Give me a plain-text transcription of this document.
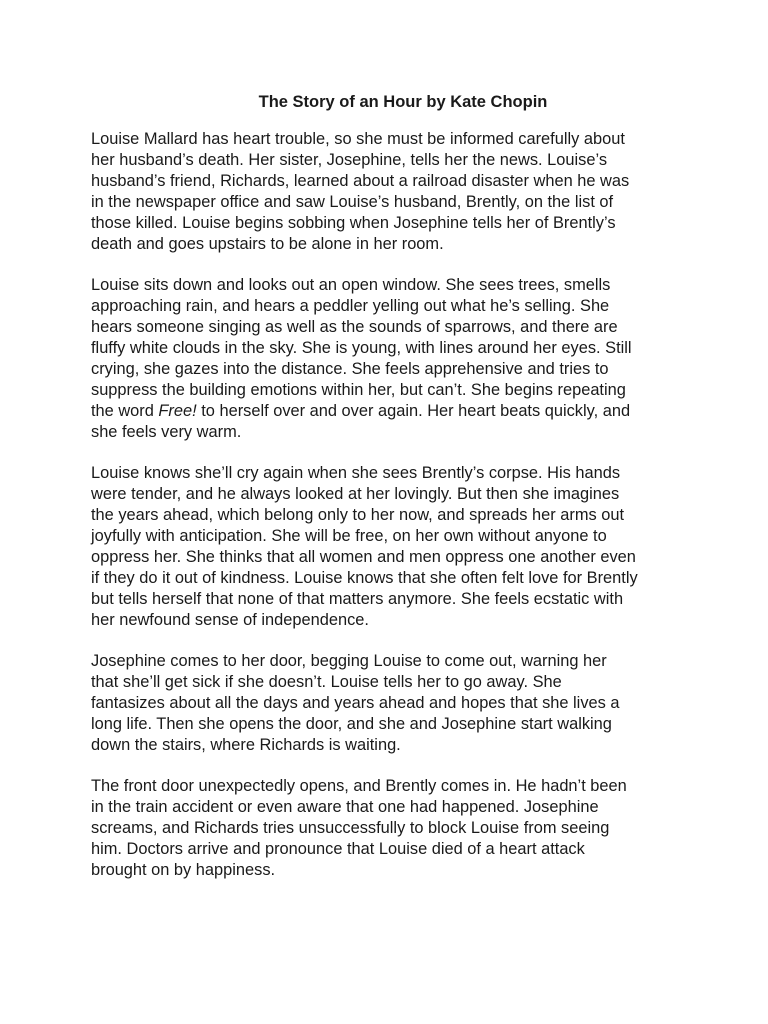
The Story of an Hour by Kate Chopin
Louise Mallard has heart trouble, so she must be informed carefully about
her husband’s death. Her sister, Josephine, tells her the news. Louise’s
husband’s friend, Richards, learned about a railroad disaster when he was
in the newspaper office and saw Louise’s husband, Brently, on the list of
those killed. Louise begins sobbing when Josephine tells her of Brently’s
death and goes upstairs to be alone in her room.
Louise sits down and looks out an open window. She sees trees, smells
approaching rain, and hears a peddler yelling out what he’s selling. She
hears someone singing as well as the sounds of sparrows, and there are
fluffy white clouds in the sky. She is young, with lines around her eyes. Still
crying, she gazes into the distance. She feels apprehensive and tries to
suppress the building emotions within her, but can’t. She begins repeating
the word Free! to herself over and over again. Her heart beats quickly, and
she feels very warm.
Louise knows she’ll cry again when she sees Brently’s corpse. His hands
were tender, and he always looked at her lovingly. But then she imagines
the years ahead, which belong only to her now, and spreads her arms out
joyfully with anticipation. She will be free, on her own without anyone to
oppress her. She thinks that all women and men oppress one another even
if they do it out of kindness. Louise knows that she often felt love for Brently
but tells herself that none of that matters anymore. She feels ecstatic with
her newfound sense of independence.
Josephine comes to her door, begging Louise to come out, warning her
that she’ll get sick if she doesn’t. Louise tells her to go away. She
fantasizes about all the days and years ahead and hopes that she lives a
long life. Then she opens the door, and she and Josephine start walking
down the stairs, where Richards is waiting.
The front door unexpectedly opens, and Brently comes in. He hadn’t been
in the train accident or even aware that one had happened. Josephine
screams, and Richards tries unsuccessfully to block Louise from seeing
him. Doctors arrive and pronounce that Louise died of a heart attack
brought on by happiness.
